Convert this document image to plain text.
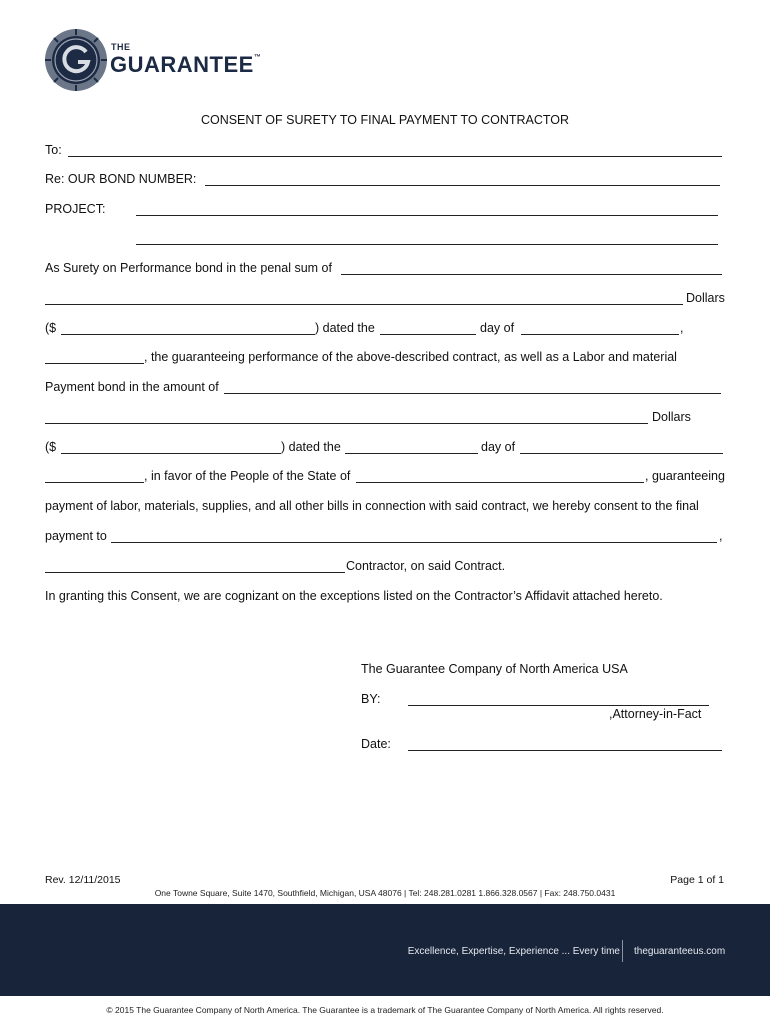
THE
GUARANTEE™
CONSENT OF SURETY TO FINAL PAYMENT TO CONTRACTOR
To:
Re: OUR BOND NUMBER:
PROJECT:
As Surety on Performance bond in the penal sum of
Dollars
($	) dated the	day of	,
, the guaranteeing performance of the above-described contract, as well as a Labor and material
Payment bond in the amount of
Dollars
($	) dated the	day of
, in favor of the People of the State of	, guaranteeing
payment of labor, materials, supplies, and all other bills in connection with said contract, we hereby consent to the final
payment to	,
Contractor, on said Contract.
In granting this Consent, we are cognizant on the exceptions listed on the Contractor’s Affidavit attached hereto.
The Guarantee Company of North America USA
BY:
,Attorney-in-Fact
Date:
Rev. 12/11/2015	Page 1 of 1
One Towne Square, Suite 1470, Southfield, Michigan, USA 48076 | Tel: 248.281.0281 1.866.328.0567 | Fax: 248.750.0431
Excellence, Expertise, Experience ... Every time theguaranteeus.com
© 2015 The Guarantee Company of North America. The Guarantee is a trademark of The Guarantee Company of North America. All rights reserved.
